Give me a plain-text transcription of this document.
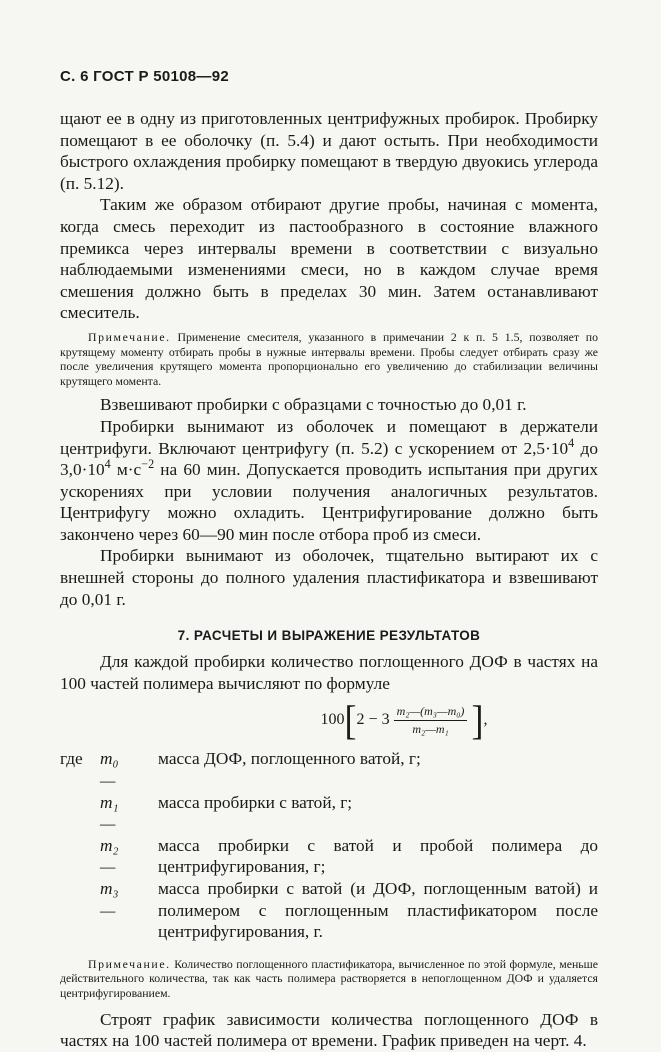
С. 6 ГОСТ Р 50108—92

щают ее в одну из приготовленных центрифужных пробирок. Пробирку помещают в ее оболочку (п. 5.4) и дают остыть. При необходимости быстрого охлаждения пробирку помещают в твердую двуокись углерода (п. 5.12).

Таким же образом отбирают другие пробы, начиная с момента, когда смесь переходит из пастообразного в состояние влажного премикса через интервалы времени в соответствии с визуально наблюдаемыми изменениями смеси, но в каждом случае время смешения должно быть в пределах 30 мин. Затем останавливают смеситель.

Примечание. Применение смесителя, указанного в примечании 2 к п. 5 1.5, позволяет по крутящему моменту отбирать пробы в нужные интервалы времени. Пробы следует отбирать сразу же после увеличения крутящего момента пропорционально его увеличению до стабилизации величины крутящего момента.

Взвешивают пробирки с образцами с точностью до 0,01 г.

Пробирки вынимают из оболочек и помещают в держатели центрифуги. Включают центрифугу (п. 5.2) с ускорением от $2,5\cdot 10^4$ до $3,0\cdot 10^4$ $м\cdot с^{-2}$ на 60 мин. Допускается проводить испытания при других ускорениях при условии получения аналогичных результатов. Центрифугу можно охладить. Центрифугирование должно быть закончено через 60—90 мин после отбора проб из смеси.

Пробирки вынимают из оболочек, тщательно вытирают их с внешней стороны до полного удаления пластификатора и взвешивают до 0,01 г.

7. РАСЧЕТЫ И ВЫРАЖЕНИЕ РЕЗУЛЬТАТОВ

Для каждой пробирки количество поглощенного ДОФ в частях на 100 частей полимера вычисляют по формуле

100 [ $2 - 3 \frac{\text{m₂—(m₃—m₀)}}{\text{m₂—m₁}}$ ] ,
где m₀ —
масса ДОФ, поглощенного ватой, г;
m₁ —
масса пробирки с ватой, г;
m₂ —
масса пробирки с ватой и пробой полимера до центрифугирования, г;
m₃ —
масса пробирки с ватой (и ДОФ, поглощенным ватой) и полимером с поглощенным пластификатором после центрифугирования, г.
Примечание. Количество поглощенного пластификатора, вычисленное по этой формуле, меньше действительного количества, так как часть полимера растворяется в непоглощенном ДОФ и удаляется центрифугированием.

Строят график зависимости количества поглощенного ДОФ в частях на 100 частей полимера от времени. График приведен на черт. 4.
